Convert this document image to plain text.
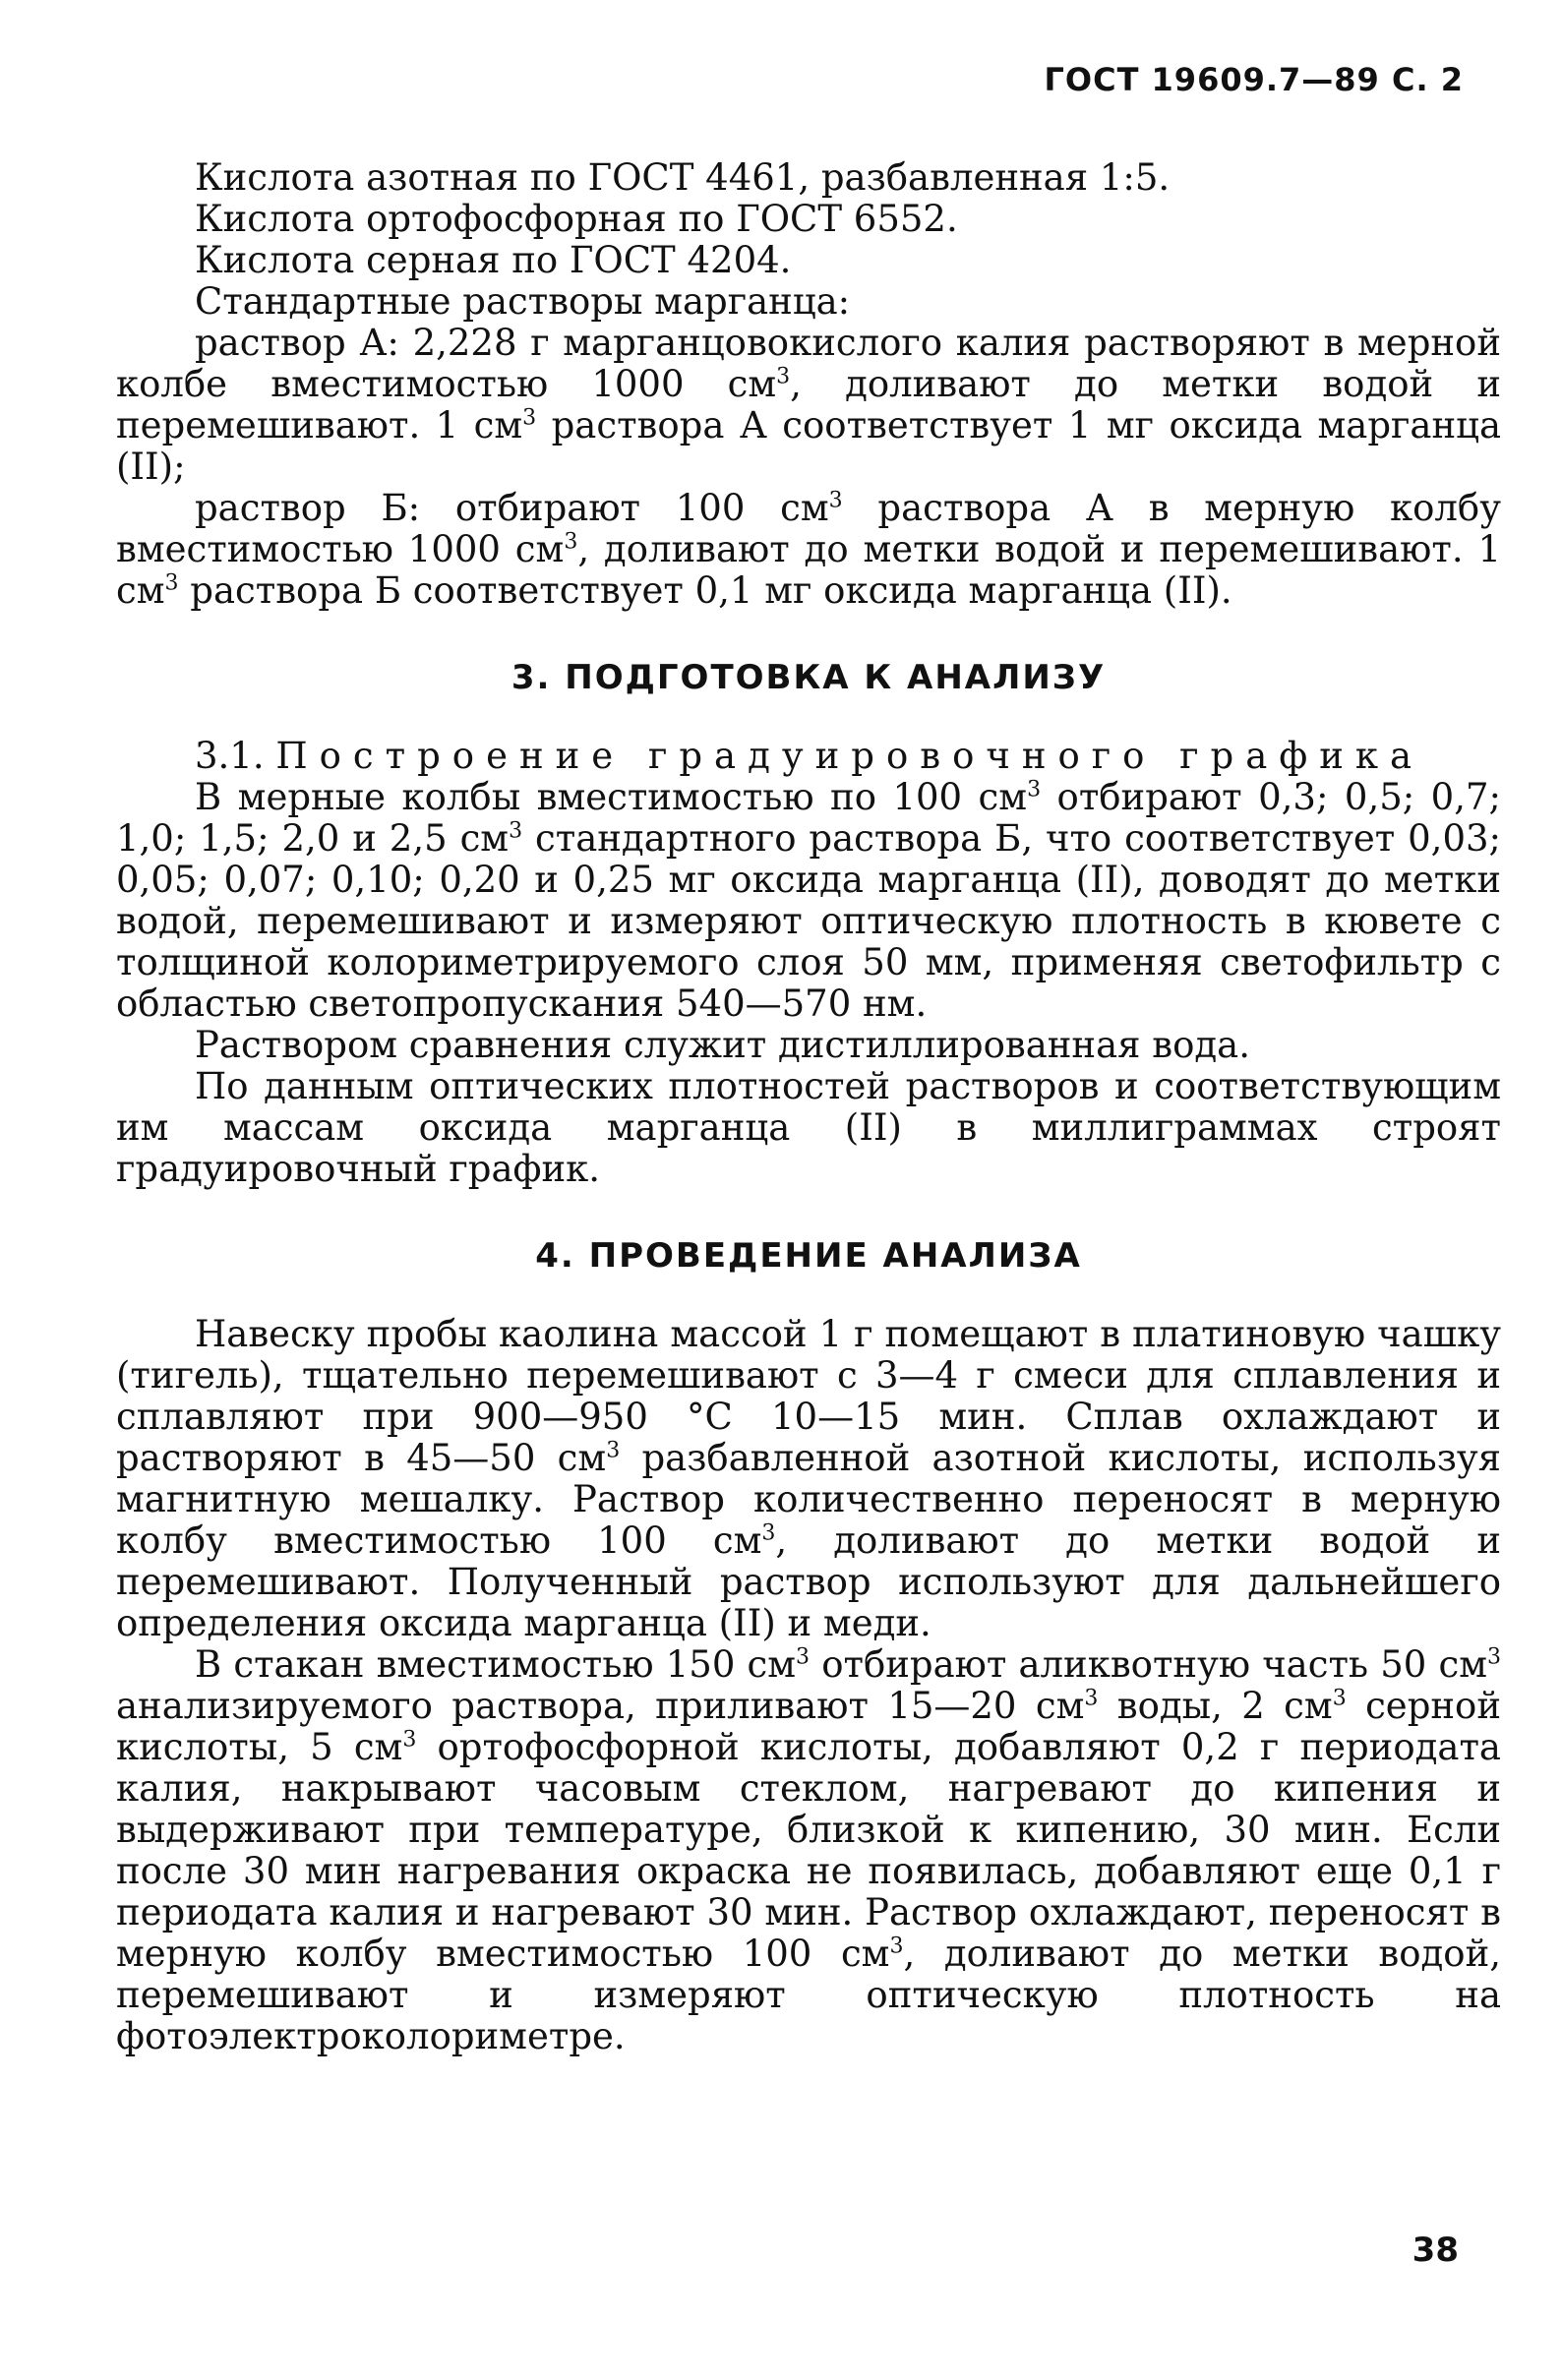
ГОСТ 19609.7—89 С. 2

Кислота азотная по ГОСТ 4461, разбавленная 1:5.

Кислота ортофосфорная по ГОСТ 6552.

Кислота серная по ГОСТ 4204.

Стандартные растворы марганца:

раствор А: 2,228 г марганцовокислого калия растворяют в мерной колбе вместимостью 1000 $см^3$, доливают до метки водой и перемешивают. 1 $см^3$ раствора А соответствует 1 мг оксида марганца (II);

раствор Б: отбирают 100 $см^3$ раствора А в мерную колбу вместимостью 1000 $см^3$, доливают до метки водой и перемешивают. 1 $см^3$ раствора Б соответствует 0,1 мг оксида марганца (II).

3. ПОДГОТОВКА К АНАЛИЗУ

3.1. Построение градуировочного графика

В мерные колбы вместимостью по 100 $см^3$ отбирают 0,3; 0,5; 0,7; 1,0; 1,5; 2,0 и 2,5 $см^3$ стандартного раствора Б, что соответствует 0,03; 0,05; 0,07; 0,10; 0,20 и 0,25 мг оксида марганца (II), доводят до метки водой, перемешивают и измеряют оптическую плотность в кювете с толщиной колориметрируемого слоя 50 мм, применяя светофильтр с областью светопропускания 540—570 нм.

Раствором сравнения служит дистиллированная вода.

По данным оптических плотностей растворов и соответствующим им массам оксида марганца (II) в миллиграммах строят градуировочный график.

4. ПРОВЕДЕНИЕ АНАЛИЗА

Навеску пробы каолина массой 1 г помещают в платиновую чашку (тигель), тщательно перемешивают с 3—4 г смеси для сплавления и сплавляют при 900—950 °С 10—15 мин. Сплав охлаждают и растворяют в 45—50 $см^3$ разбавленной азотной кислоты, используя магнитную мешалку. Раствор количественно переносят в мерную колбу вместимостью 100 $см^3$, доливают до метки водой и перемешивают. Полученный раствор используют для дальнейшего определения оксида марганца (II) и меди.

В стакан вместимостью 150 $см^3$ отбирают аликвотную часть 50 $см^3$ анализируемого раствора, приливают 15—20 $см^3$ воды, 2 $см^3$ серной кислоты, 5 $см^3$ ортофосфорной кислоты, добавляют 0,2 г периодата калия, накрывают часовым стеклом, нагревают до кипения и выдерживают при температуре, близкой к кипению, 30 мин. Если после 30 мин нагревания окраска не появилась, добавляют еще 0,1 г периодата калия и нагревают 30 мин. Раствор охлаждают, переносят в мерную колбу вместимостью 100 $см^3$, доливают до метки водой, перемешивают и измеряют оптическую плотность на фотоэлектроколориметре.

38
